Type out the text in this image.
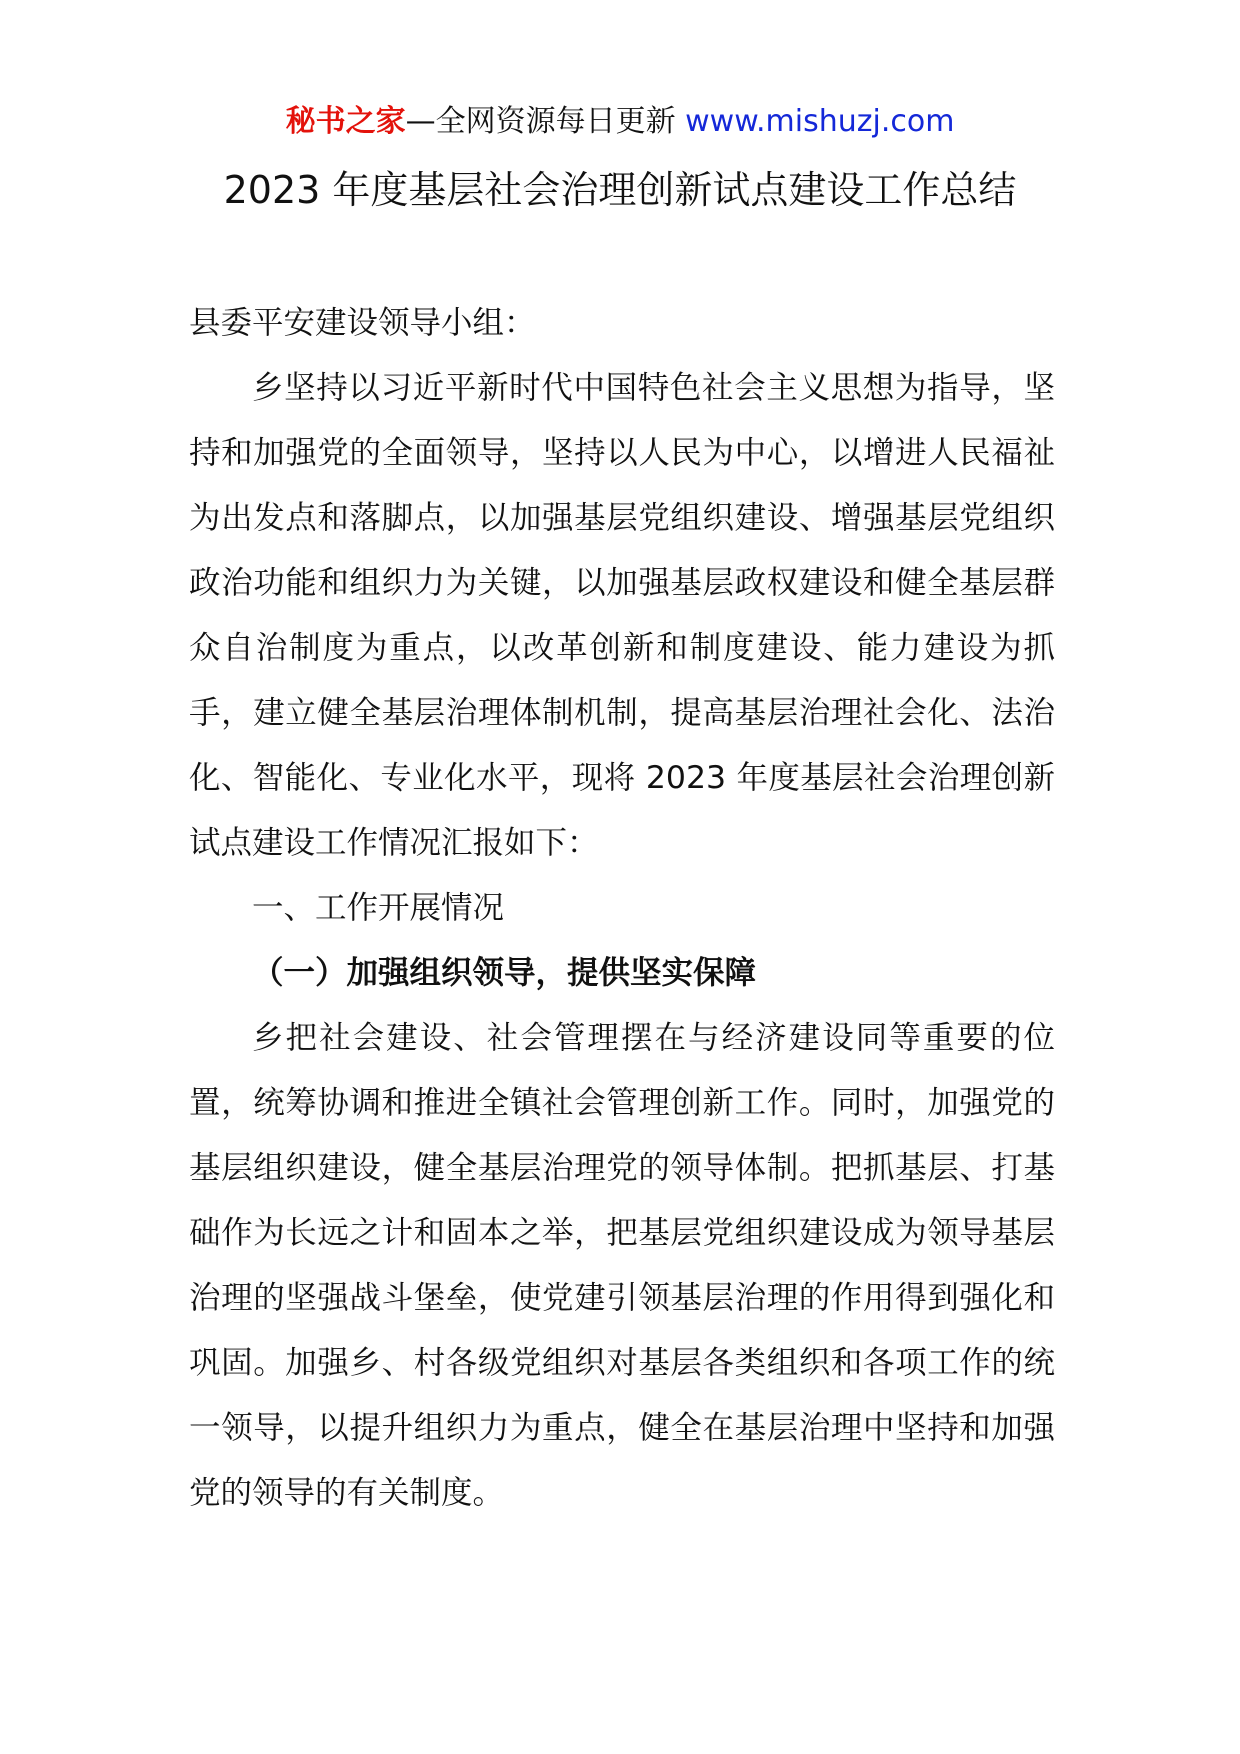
秘书之家—全网资源每日更新 www.mishuzj.com
2023 年度基层社会治理创新试点建设工作总结

县委平安建设领导小组：

乡坚持以习近平新时代中国特色社会主义思想为指导，坚持和加强党的全面领导，坚持以人民为中心，以增进人民福祉为出发点和落脚点，以加强基层党组织建设、增强基层党组织政治功能和组织力为关键，以加强基层政权建设和健全基层群众自治制度为重点，以改革创新和制度建设、能力建设为抓手，建立健全基层治理体制机制，提高基层治理社会化、法治化、智能化、专业化水平，现将 2023 年度基层社会治理创新试点建设工作情况汇报如下：

一、工作开展情况

（一）加强组织领导，提供坚实保障

乡把社会建设、社会管理摆在与经济建设同等重要的位置，统筹协调和推进全镇社会管理创新工作。同时，加强党的基层组织建设，健全基层治理党的领导体制。把抓基层、打基础作为长远之计和固本之举，把基层党组织建设成为领导基层治理的坚强战斗堡垒，使党建引领基层治理的作用得到强化和巩固。加强乡、村各级党组织对基层各类组织和各项工作的统一领导，以提升组织力为重点，健全在基层治理中坚持和加强党的领导的有关制度。
